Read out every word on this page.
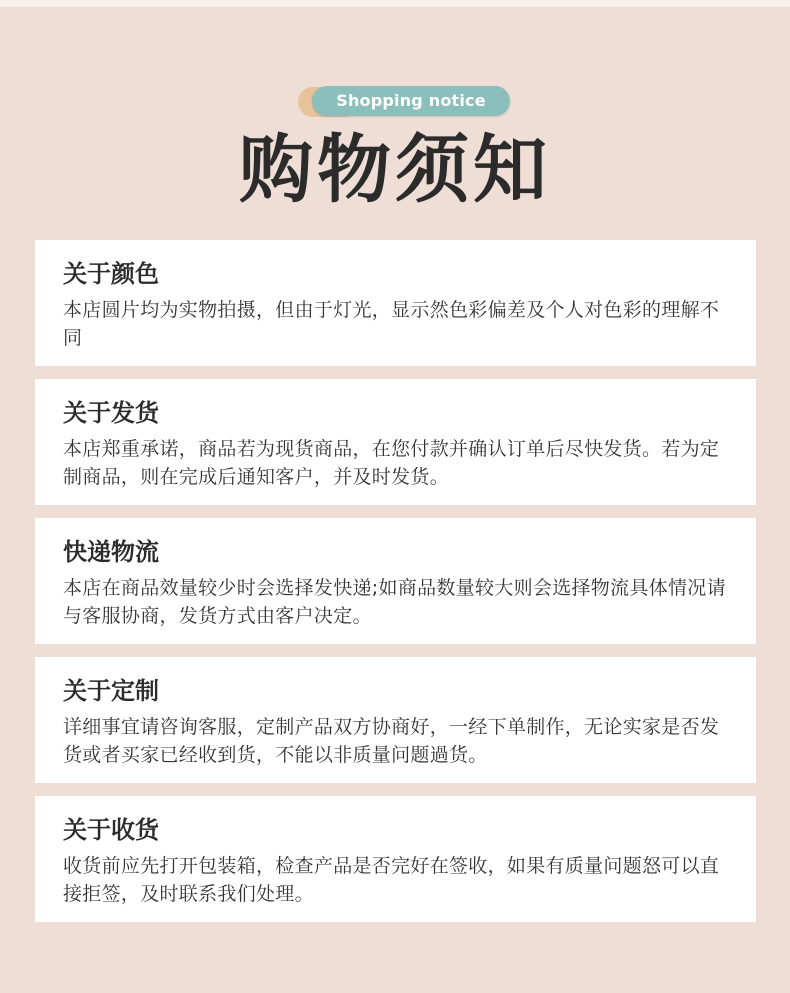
Shopping notice
购物须知
关于颜色
本店圆片均为实物拍摄，但由于灯光，显示然色彩偏差及个人对色彩的理解不同
关于发货
本店郑重承诺，商品若为现货商品，在您付款并确认订单后尽快发货。若为定制商品，则在完成后通知客户，并及时发货。
快递物流
本店在商品效量较少时会选择发快递;如商品数量较大则会选择物流具体情况请与客服协商，发货方式由客户决定。
关于定制
详细事宜请咨询客服，定制产品双方协商好，一经下单制作，无论实家是否发货或者买家已经收到货，不能以非质量问题過货。
关于收货
收货前应先打开包装箱，检查产品是否完好在签收，如果有质量问题怒可以直接拒签，及时联系我们处理。
